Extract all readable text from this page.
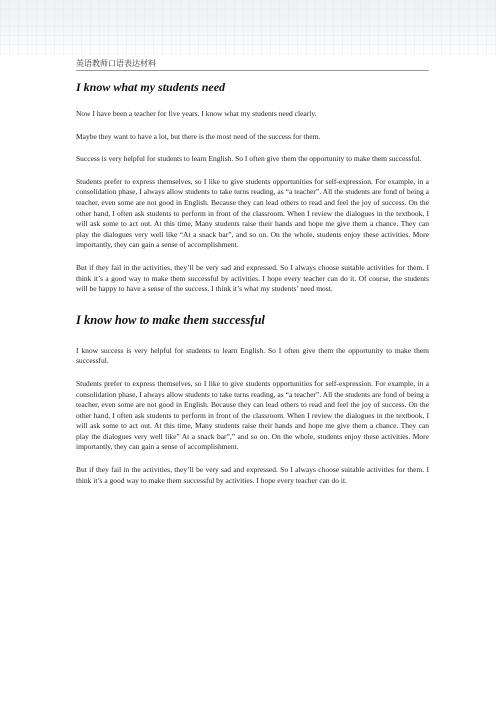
英语教师口语表达材料
I know what my students need

Now I have been a teacher for five years. I know what my students need clearly.

Maybe they want to have a lot, but there is the most need of the success for them.

Success is very helpful for students to learn English. So I often give them the opportunity to make them successful.

Students prefer to express themselves, so I like to give students opportunities for self-expression. For example, in a consolidation phase, I always allow students to take turns reading, as “a teacher”. All the students are fond of being a teacher, even some are not good in English. Because they can lead others to read and feel the joy of success. On the other hand, I often ask students to perform in front of the classroom. When I review the dialogues in the textbook, I will ask some to act out. At this time, Many students raise their hands and hope me give them a chance. They can play the dialogues very well like “At a snack bar”, and so on. On the whole, students enjoy these activities. More importantly, they can gain a sense of accomplishment.

But if they fail in the activities, they’ll be very sad and expressed. So I always choose suitable activities for them. I think it’s a good way to make them successful by activities. I hope every teacher can do it. Of course, the students will be happy to have a sense of the success. I think it’s what my students’ need most.

I know how to make them successful

I know success is very helpful for students to learn English. So I often give them the opportunity to make them successful.

Students prefer to express themselves, so I like to give students opportunities for self-expression. For example, in a consolidation phase, I always allow students to take turns reading, as “a teacher”. All the students are fond of being a teacher, even some are not good in English. Because they can lead others to read and feel the joy of success. On the other hand, I often ask students to perform in front of the classroom. When I review the dialogues in the textbook, I will ask some to act out. At this time, Many students raise their hands and hope me give them a chance. They can play the dialogues very well like” At a snack bar”,” and so on. On the whole, students enjoy these activities. More importantly, they can gain a sense of accomplishment.

But if they fail in the activities, they’ll be very sad and expressed. So I always choose suitable activities for them. I think it’s a good way to make them successful by activities. I hope every teacher can do it.
